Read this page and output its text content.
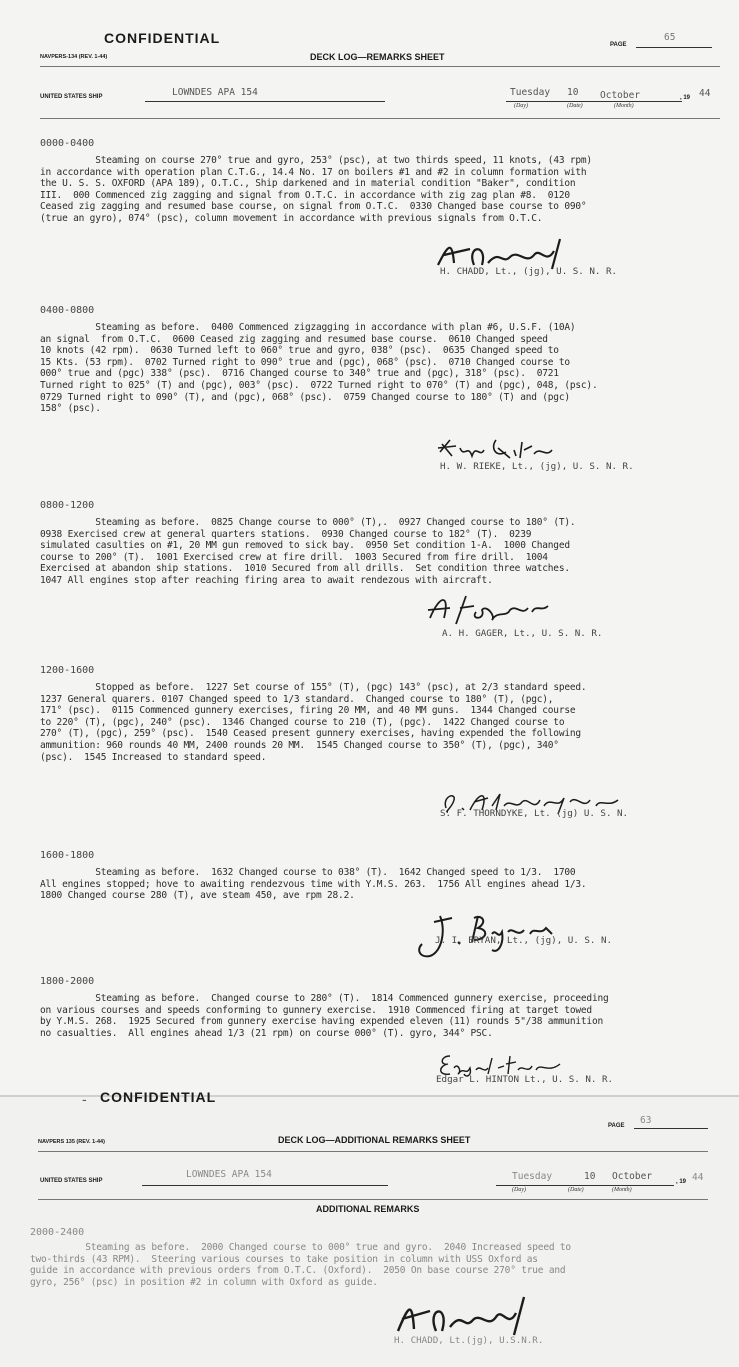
CONFIDENTIAL	PAGE
65
NAVPERS-134 (REV. 1-44)	DECK LOG—REMARKS SHEET
UNITED STATES SHIP	LOWNDES APA 154	Tuesday 10 October	, 19 44
(Day)	(Date)	(Month)
0000-0400
Steaming on course 270° true and gyro, 253° (psc), at two thirds speed, 11 knots, (43 rpm)
in accordance with operation plan C.T.G., 14.4 No. 17 on boilers #1 and #2 in column formation with
the U. S. S. OXFORD (APA 189), O.T.C., Ship darkened and in material condition "Baker", condition
III.  000 Commenced zig zagging and signal from O.T.C. in accordance with zig zag plan #8.  0120
Ceased zig zagging and resumed base course, on signal from O.T.C.  0330 Changed base course to 090°
(true an gyro), 074° (psc), column movement in accordance with previous signals from O.T.C.
H. CHADD, Lt., (jg), U. S. N. R.
0400-0800
Steaming as before.  0400 Commenced zigzagging in accordance with plan #6, U.S.F. (10A)
an signal  from O.T.C.  0600 Ceased zig zagging and resumed base course.  0610 Changed speed
10 knots (42 rpm).  0630 Turned left to 060° true and gyro, 038° (psc).  0635 Changed speed to
15 Kts. (53 rpm).  0702 Turned right to 090° true and (pgc), 068° (psc).  0710 Changed course to
000° true and (pgc) 338° (psc).  0716 Changed course to 340° true and (pgc), 318° (psc).  0721
Turned right to 025° (T) and (pgc), 003° (psc).  0722 Turned right to 070° (T) and (pgc), 048, (psc).
0729 Turned right to 090° (T), and (pgc), 068° (psc).  0759 Changed course to 180° (T) and (pgc)
158° (psc).
H. W. RIEKE, Lt., (jg), U. S. N. R.
0800-1200
Steaming as before.  0825 Change course to 000° (T),.  0927 Changed course to 180° (T).
0938 Exercised crew at general quarters stations.  0930 Changed course to 182° (T).  0239
simulated casulties on #1, 20 MM gun removed to sick bay.  0950 Set condition 1-A.  1000 Changed
course to 200° (T).  1001 Exercised crew at fire drill.  1003 Secured from fire drill.  1004
Exercised at abandon ship stations.  1010 Secured from all drills.  Set condition three watches.
1047 All engines stop after reaching firing area to await rendezous with aircraft.
A. H. GAGER, Lt., U. S. N. R.
1200-1600
Stopped as before.  1227 Set course of 155° (T), (pgc) 143° (psc), at 2/3 standard speed.
1237 General quarers. 0107 Changed speed to 1/3 standard.  Changed course to 180° (T), (pgc),
171° (psc).  0115 Commenced gunnery exercises, firing 20 MM, and 40 MM guns.  1344 Changed course
to 220° (T), (pgc), 240° (psc).  1346 Changed course to 210 (T), (pgc).  1422 Changed course to
270° (T), (pgc), 259° (psc).  1540 Ceased present gunnery exercises, having expended the following
ammunition: 960 rounds 40 MM, 2400 rounds 20 MM.  1545 Changed course to 350° (T), (pgc), 340°
(psc).  1545 Increased to standard speed.
S. F. THORNDYKE, Lt. (jg) U. S. N.
1600-1800
Steaming as before.  1632 Changed course to 038° (T).  1642 Changed speed to 1/3.  1700
All engines stopped; hove to awaiting rendezvous time with Y.M.S. 263.  1756 All engines ahead 1/3.
1800 Changed course 280 (T), ave steam 450, ave rpm 28.2.
J. I. BRYAN, Lt., (jg), U. S. N.
1800-2000
Steaming as before.  Changed course to 280° (T).  1814 Commenced gunnery exercise, proceeding
on various courses and speeds conforming to gunnery exercise.  1910 Commenced firing at target towed
by Y.M.S. 268.  1925 Secured from gunnery exercise having expended eleven (11) rounds 5"/38 ammunition
no casualties.  All engines ahead 1/3 (21 rpm) on course 000° (T). gyro, 344° PSC.
Edgar L. HINTON Lt., U. S. N. R.
- CONFIDENTIAL
PAGE 63
NAVPERS 135 (REV. 1-44)	DECK LOG—ADDITIONAL REMARKS SHEET
UNITED STATES SHIP
LOWNDES APA 154	Tuesday	10 October	, 19 44
(Day)	(Date)	(Month)
ADDITIONAL REMARKS
2000-2400
Steaming as before.  2000 Changed course to 000° true and gyro.  2040 Increased speed to
two-thirds (43 RPM).  Steering various courses to take position in column with USS Oxford as
guide in accordance with previous orders from O.T.C. (Oxford).  2050 On base course 270° true and
gyro, 256° (psc) in position #2 in column with Oxford as guide.
H. CHADD, Lt.(jg), U.S.N.R.
